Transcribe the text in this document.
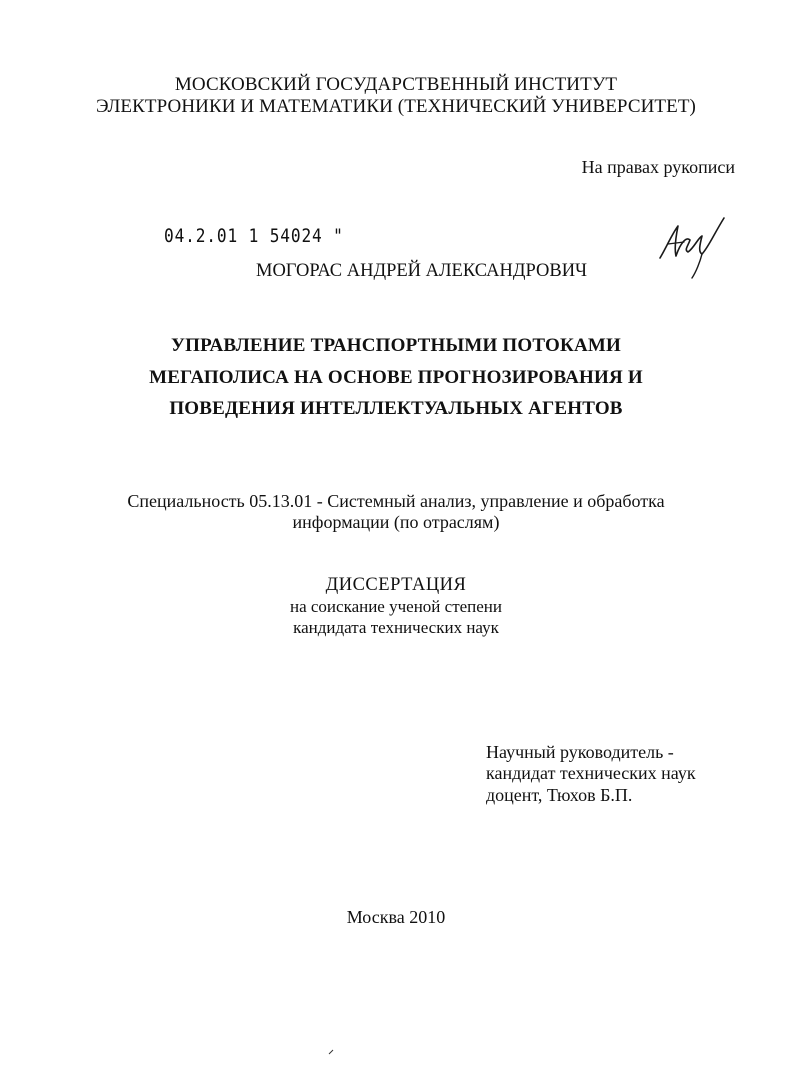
МОСКОВСКИЙ ГОСУДАРСТВЕННЫЙ ИНСТИТУТ
ЭЛЕКТРОНИКИ И МАТЕМАТИКИ (ТЕХНИЧЕСКИЙ УНИВЕРСИТЕТ)
На правах рукописи
04.2.01 1 54024 "
МОГОРАС АНДРЕЙ АЛЕКСАНДРОВИЧ
УПРАВЛЕНИЕ ТРАНСПОРТНЫМИ ПОТОКАМИ
МЕГАПОЛИСА НА ОСНОВЕ ПРОГНОЗИРОВАНИЯ И
ПОВЕДЕНИЯ ИНТЕЛЛЕКТУАЛЬНЫХ АГЕНТОВ
Специальность 05.13.01 - Системный анализ, управление и обработка
информации (по отраслям)
ДИССЕРТАЦИЯ
на соискание ученой степени
кандидата технических наук
Научный руководитель -
кандидат технических наук
доцент, Тюхов Б.П.
Москва 2010
